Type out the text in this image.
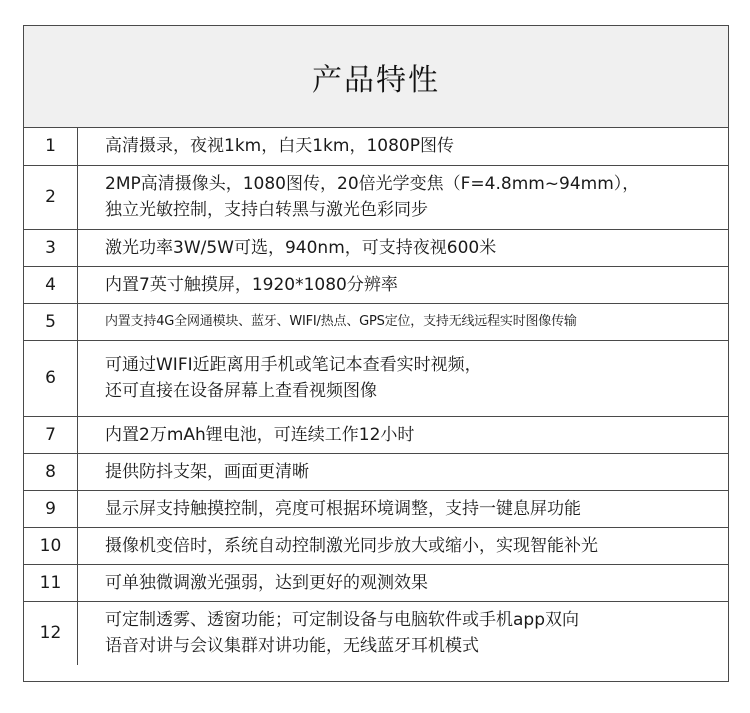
产品特性
1	高清摄录，夜视1km，白天1km，1080P图传

2	2MP高清摄像头，1080图传，20倍光学变焦（F=4.8mm~94mm），
独立光敏控制，支持白转黑与激光色彩同步

3	激光功率3W/5W可选，940nm，可支持夜视600米

4	内置7英寸触摸屏，1920*1080分辨率

5	内置支持4G全网通模块、蓝牙、WIFI/热点、GPS定位，支持无线远程实时图像传输

6	可通过WIFI近距离用手机或笔记本查看实时视频，
还可直接在设备屏幕上查看视频图像

7	内置2万mAh锂电池，可连续工作12小时

8	提供防抖支架，画面更清晰

9	显示屏支持触摸控制，亮度可根据环境调整，支持一键息屏功能

10	摄像机变倍时，系统自动控制激光同步放大或缩小，实现智能补光

11	可单独微调激光强弱，达到更好的观测效果

12	可定制透雾、透窗功能；可定制设备与电脑软件或手机app双向
语音对讲与会议集群对讲功能，无线蓝牙耳机模式
